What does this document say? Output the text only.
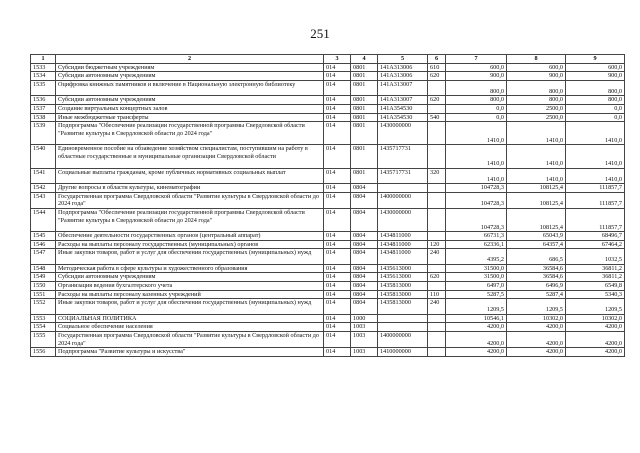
251
1	2	3	4	5	6	7	8	9
1533	Субсидии бюджетным учреждениям	014	0801	141А313006	610	600,0	600,0	600,0
1534	Субсидии автономным учреждениям	014	0801	141А313006	620	900,0	900,0	900,0
1535	Оцифровка книжных памятников и включение в Национальную электронную библиотеку	014	0801	141А313007		800,0	800,0	800,0
1536	Субсидии автономным учреждениям	014	0801	141А313007	620	800,0	800,0	800,0
1537	Создание виртуальных концертных залов	014	0801	141А354530		0,0	2500,0	0,0
1538	Иные межбюджетные трансферты	014	0801	141А354530	540	0,0	2500,0	0,0
1539	Подпрограмма "Обеспечение реализации государственной программы Свердловской области "Развитие культуры в Свердловской области до 2024 года"	014	0801	1430000000		1410,0	1410,0	1410,0
1540	Единовременное пособие на обзаведение хозяйством специалистам, поступившим на работу в областные государственные и муниципальные организации Свердловской области	014	0801	1435717731		1410,0	1410,0	1410,0
1541	Социальные выплаты гражданам, кроме публичных нормативных социальных выплат	014	0801	1435717731	320	1410,0	1410,0	1410,0
1542	Другие вопросы в области культуры, кинематографии	014	0804			104728,3	108125,4	111857,7
1543	Государственная программа Свердловской области "Развитие культуры в Свердловской области до 2024 года"	014	0804	1400000000		104728,3	108125,4	111857,7
1544	Подпрограмма "Обеспечение реализации государственной программы Свердловской области "Развитие культуры в Свердловской области до 2024 года"	014	0804	1430000000		104728,3	108125,4	111857,7
1545	Обеспечение деятельности государственных органов (центральный аппарат)	014	0804	1434811000		66731,3	65043,9	68496,7
1546	Расходы на выплаты персоналу государственных (муниципальных) органов	014	0804	1434811000	120	62336,1	64357,4	67464,2
1547	Иные закупки товаров, работ и услуг для обеспечения государственных (муниципальных) нужд	014	0804	1434811000	240	4395,2	686,5	1032,5
1548	Методическая работа в сфере культуры и художественного образования	014	0804	1435613000		31500,0	36584,6	36811,2
1549	Субсидии автономным учреждениям	014	0804	1435613000	620	31500,0	36584,6	36811,2
1550	Организация ведения бухгалтерского учета	014	0804	1435813000		6497,0	6496,9	6549,8
1551	Расходы на выплаты персоналу казенных учреждений	014	0804	1435813000	110	5287,5	5287,4	5340,3
1552	Иные закупки товаров, работ и услуг для обеспечения государственных (муниципальных) нужд	014	0804	1435813000	240	1209,5	1209,5	1209,5
1553	СОЦИАЛЬНАЯ ПОЛИТИКА	014	1000			10546,1	10302,0	10302,0
1554	Социальное обеспечение населения	014	1003			4200,0	4200,0	4200,0
1555	Государственная программа Свердловской области "Развитие культуры в Свердловской области до 2024 года"	014	1003	1400000000		4200,0	4200,0	4200,0
1556	Подпрограмма "Развитие культуры и искусства"	014	1003	1410000000		4200,0	4200,0	4200,0
